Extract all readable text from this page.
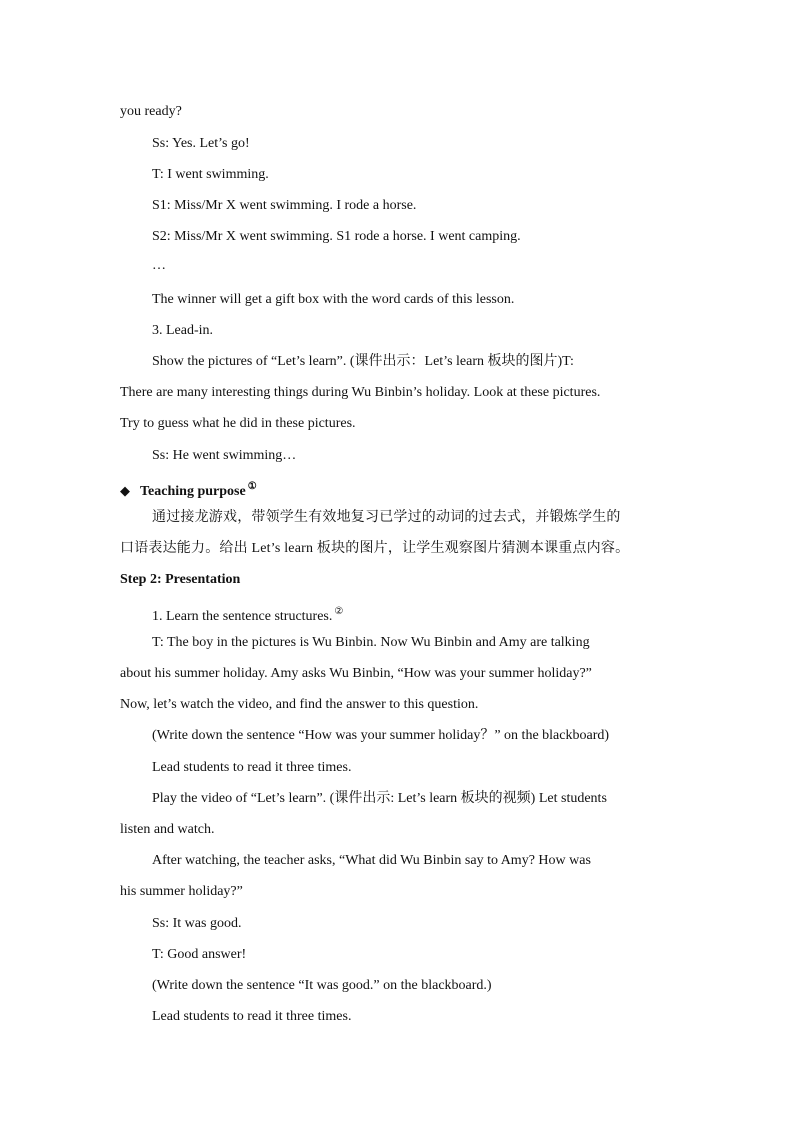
you ready?
Ss: Yes. Let’s go!
T: I went swimming.
S1: Miss/Mr X went swimming. I rode a horse.
S2: Miss/Mr X went swimming. S1 rode a horse. I went camping.
…
The winner will get a gift box with the word cards of this lesson.
3. Lead-in.
Show the pictures of “Let’s learn”. (课件出示：Let’s learn 板块的图片)T:
There are many interesting things during Wu Binbin’s holiday. Look at these pictures.
Try to guess what he did in these pictures.
Ss: He went swimming…
◆ Teaching purpose ①
通过接龙游戏，带领学生有效地复习已学过的动词的过去式，并锻炼学生的
口语表达能力。给出 Let’s learn 板块的图片，让学生观察图片猜测本课重点内容。
Step 2: Presentation
1. Learn the sentence structures. ②
T: The boy in the pictures is Wu Binbin. Now Wu Binbin and Amy are talking
about his summer holiday. Amy asks Wu Binbin, “How was your summer holiday?”
Now, let’s watch the video, and find the answer to this question.
(Write down the sentence “How was your summer holiday？” on the blackboard)
Lead students to read it three times.
Play the video of “Let’s learn”. (课件出示: Let’s learn 板块的视频) Let students
listen and watch.
After watching, the teacher asks, “What did Wu Binbin say to Amy? How was
his summer holiday?”
Ss: It was good.
T: Good answer!
(Write down the sentence “It was good.” on the blackboard.)
Lead students to read it three times.
